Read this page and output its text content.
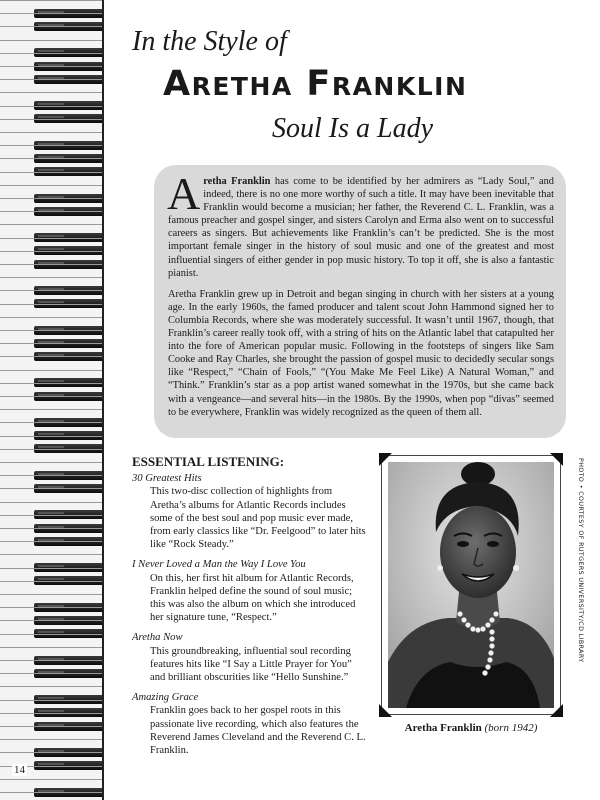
In the Style of
Aretha Franklin
Soul Is a Lady

Aretha Franklin has come to be identified by her admirers as “Lady Soul,” and indeed, there is no one more worthy of such a title. It may have been inevitable that Franklin would become a musician; her father, the Reverend C. L. Franklin, was a famous preacher and gospel singer, and sisters Carolyn and Erma also went on to successful careers as singers. But achievements like Franklin’s can’t be predicted. She is the most important female singer in the history of soul music and one of the greatest and most influential singers of either gender in pop music history. To top it off, she is also a fantastic pianist.

Aretha Franklin grew up in Detroit and began singing in church with her sisters at a young age. In the early 1960s, the famed producer and talent scout John Hammond signed her to Columbia Records, where she was moderately successful. It wasn’t until 1967, though, that Franklin’s career really took off, with a string of hits on the Atlantic label that catapulted her into the fore of American popular music. Following in the footsteps of singers like Sam Cooke and Ray Charles, she brought the passion of gospel music to decidedly secular songs like “Respect,” “Chain of Fools,” “(You Make Me Feel Like) A Natural Woman,” and “Think.” Franklin’s star as a pop artist waned somewhat in the 1970s, but she came back with a vengeance—and several hits—in the 1980s. By the 1990s, when pop “divas” seemed to be everywhere, Franklin was widely recognized as the queen of them all.

ESSENTIAL LISTENING:
30 Greatest Hits
This two-disc collection of highlights from Aretha’s albums for Atlantic Records includes some of the best soul and pop music ever made, from early classics like “Dr. Feelgood” to later hits like “Rock Steady.”
I Never Loved a Man the Way I Love You
On this, her first hit album for Atlantic Records, Franklin helped define the sound of soul music; this was also the album on which she introduced her signature tune, “Respect.”
Aretha Now
This groundbreaking, influential soul recording features hits like “I Say a Little Prayer for You” and brilliant obscurities like “Hello Sunshine.”
Amazing Grace
Franklin goes back to her gospel roots in this passionate live recording, which also features the Reverend James Cleveland and the Reverend C. L. Franklin.
Aretha Franklin (born 1942)
PHOTO • COURTESY OF RUTGERS UNIVERSITY/CD LIBRARY
14
